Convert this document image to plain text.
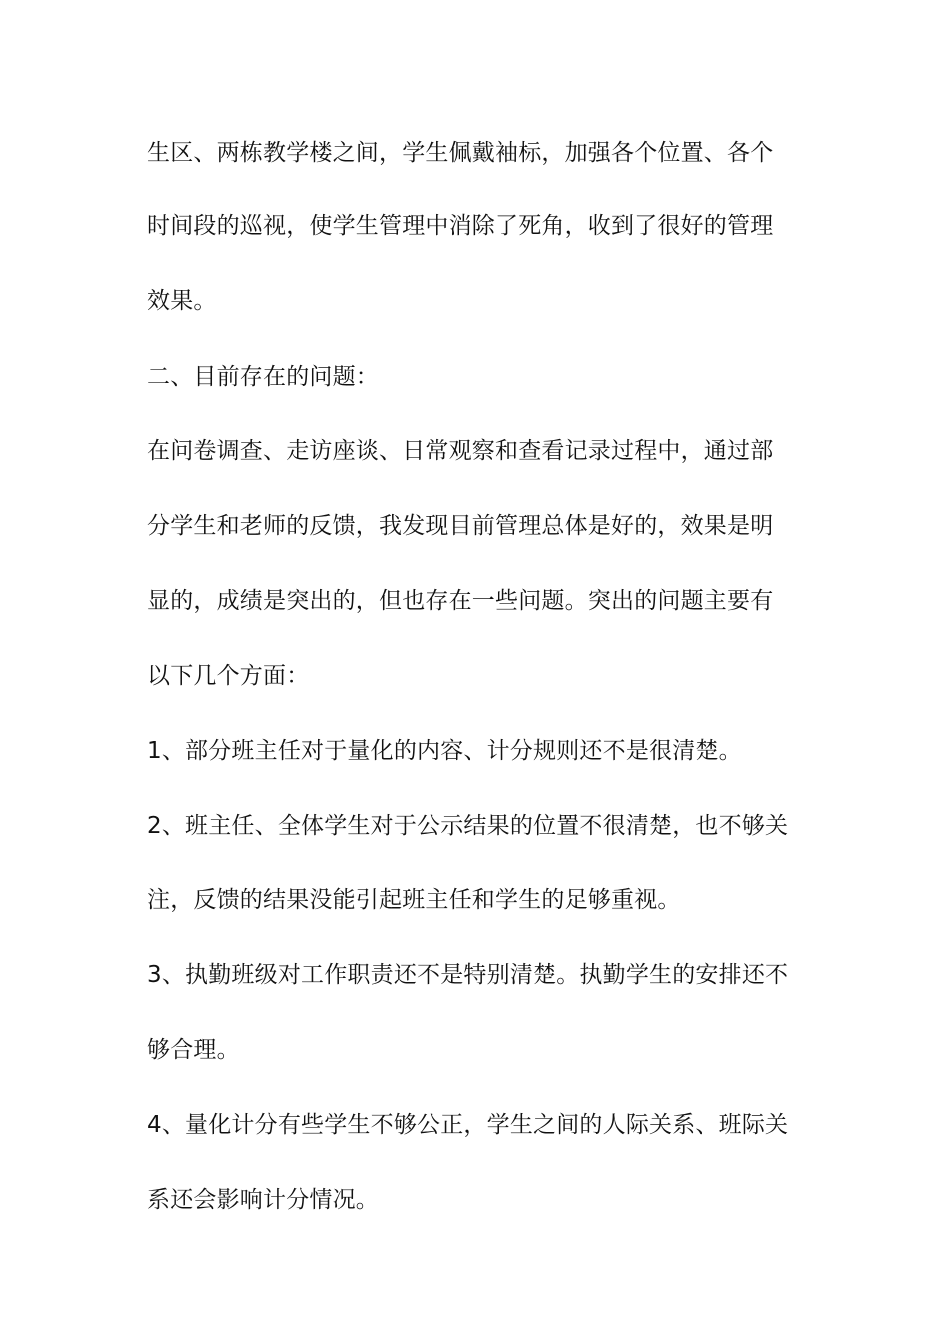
生区、两栋教学楼之间，学生佩戴袖标，加强各个位置、各个
时间段的巡视，使学生管理中消除了死角，收到了很好的管理
效果。
二、目前存在的问题：
在问卷调查、走访座谈、日常观察和查看记录过程中，通过部
分学生和老师的反馈，我发现目前管理总体是好的，效果是明
显的，成绩是突出的，但也存在一些问题。突出的问题主要有
以下几个方面：
1、部分班主任对于量化的内容、计分规则还不是很清楚。
2、班主任、全体学生对于公示结果的位置不很清楚，也不够关
注，反馈的结果没能引起班主任和学生的足够重视。
3、执勤班级对工作职责还不是特别清楚。执勤学生的安排还不
够合理。
4、量化计分有些学生不够公正，学生之间的人际关系、班际关
系还会影响计分情况。
